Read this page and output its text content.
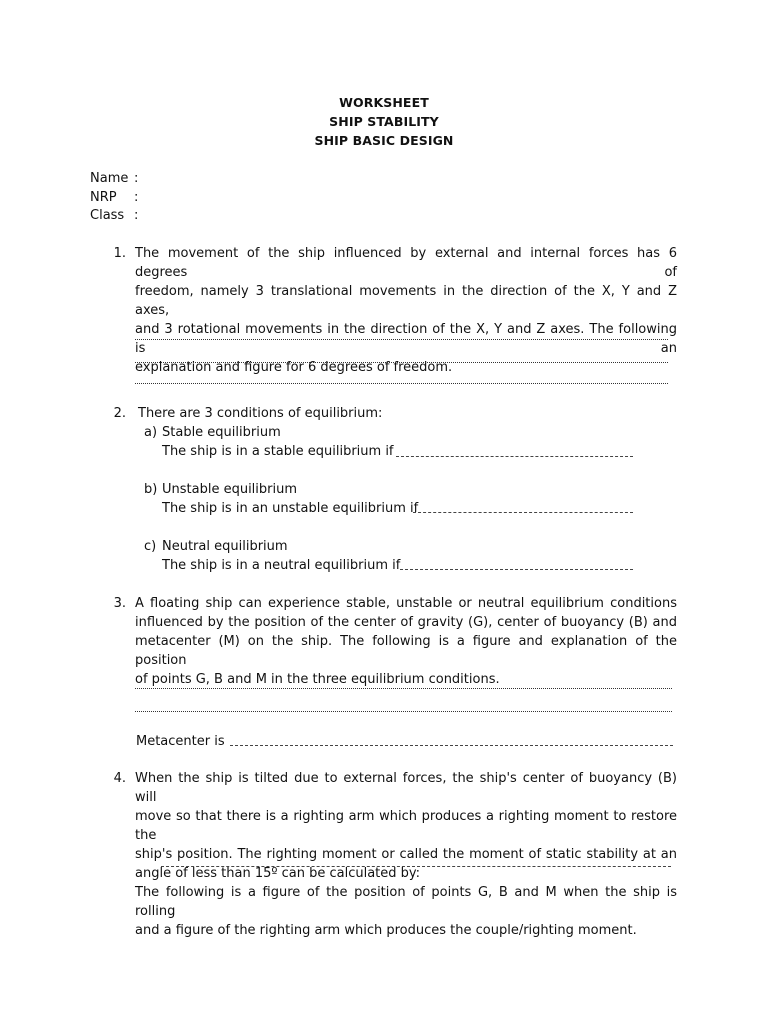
WORKSHEET
SHIP STABILITY
SHIP BASIC DESIGN
Name :
NRP :
Class :
1. The movement of the ship influenced by external and internal forces has 6 degrees of
freedom, namely 3 translational movements in the direction of the X, Y and Z axes,
and 3 rotational movements in the direction of the X, Y and Z axes. The following is an
explanation and figure for 6 degrees of freedom.
2. There are 3 conditions of equilibrium:
a) Stable equilibrium
The ship is in a stable equilibrium if
b) Unstable equilibrium
The ship is in an unstable equilibrium if
c) Neutral equilibrium
The ship is in a neutral equilibrium if
3. A floating ship can experience stable, unstable or neutral equilibrium conditions
influenced by the position of the center of gravity (G), center of buoyancy (B) and
metacenter (M) on the ship. The following is a figure and explanation of the position
of points G, B and M in the three equilibrium conditions.
Metacenter is
4. When the ship is tilted due to external forces, the ship's center of buoyancy (B) will
move so that there is a righting arm which produces a righting moment to restore the
ship's position. The righting moment or called the moment of static stability at an
angle of less than 15º can be calculated by:
The following is a figure of the position of points G, B and M when the ship is rolling
and a figure of the righting arm which produces the couple/righting moment.
